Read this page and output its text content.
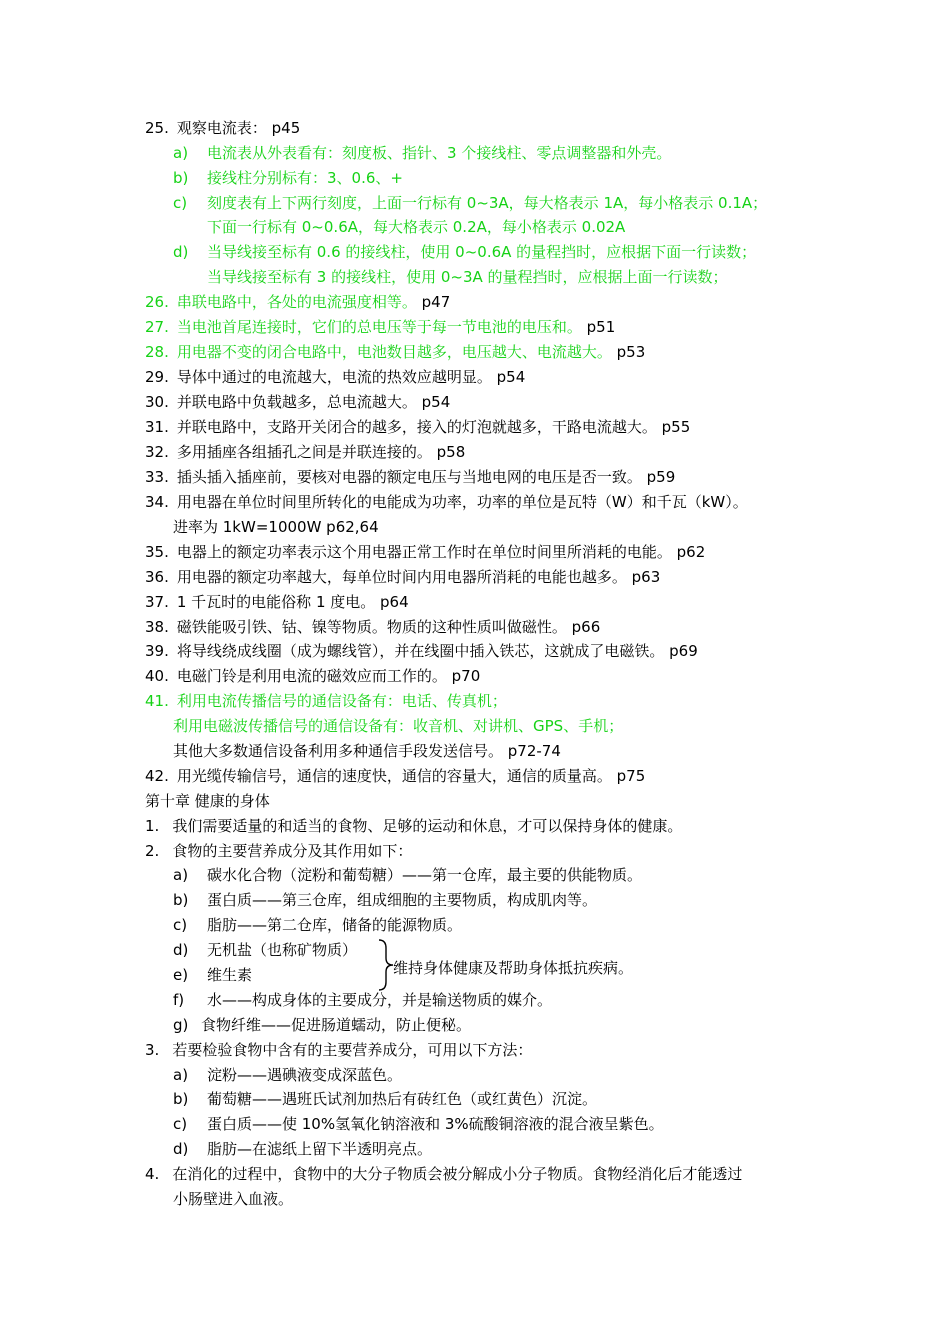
25. 观察电流表： p45
a) 电流表从外表看有：刻度板、指针、3 个接线柱、零点调整器和外壳。
b) 接线柱分别标有：3、0.6、+
c) 刻度表有上下两行刻度，上面一行标有 0~3A，每大格表示 1A，每小格表示 0.1A；
下面一行标有 0~0.6A，每大格表示 0.2A，每小格表示 0.02A
d) 当导线接至标有 0.6 的接线柱，使用 0~0.6A 的量程挡时，应根据下面一行读数；
当导线接至标有 3 的接线柱，使用 0~3A 的量程挡时，应根据上面一行读数；
26. 串联电路中，各处的电流强度相等。 p47
27. 当电池首尾连接时，它们的总电压等于每一节电池的电压和。 p51
28. 用电器不变的闭合电路中，电池数目越多，电压越大、电流越大。 p53
29. 导体中通过的电流越大，电流的热效应越明显。 p54
30. 并联电路中负载越多，总电流越大。 p54
31. 并联电路中，支路开关闭合的越多，接入的灯泡就越多，干路电流越大。 p55
32. 多用插座各组插孔之间是并联连接的。 p58
33. 插头插入插座前，要核对电器的额定电压与当地电网的电压是否一致。 p59
34. 用电器在单位时间里所转化的电能成为功率，功率的单位是瓦特（W）和千瓦（kW）。
进率为 1kW=1000W p62,64
35. 电器上的额定功率表示这个用电器正常工作时在单位时间里所消耗的电能。 p62
36. 用电器的额定功率越大，每单位时间内用电器所消耗的电能也越多。 p63
37. 1 千瓦时的电能俗称 1 度电。 p64
38. 磁铁能吸引铁、钴、镍等物质。物质的这种性质叫做磁性。 p66
39. 将导线绕成线圈（成为螺线管），并在线圈中插入铁芯，这就成了电磁铁。 p69
40. 电磁门铃是利用电流的磁效应而工作的。 p70
41. 利用电流传播信号的通信设备有：电话、传真机；
利用电磁波传播信号的通信设备有：收音机、对讲机、GPS、手机；
其他大多数通信设备利用多种通信手段发送信号。 p72-74
42. 用光缆传输信号，通信的速度快，通信的容量大，通信的质量高。 p75
第十章 健康的身体
1. 我们需要适量的和适当的食物、足够的运动和休息，才可以保持身体的健康。
2. 食物的主要营养成分及其作用如下：
a) 碳水化合物（淀粉和葡萄糖）——第一仓库，最主要的供能物质。
b) 蛋白质——第三仓库，组成细胞的主要物质，构成肌肉等。
c) 脂肪——第二仓库，储备的能源物质。
d) 无机盐（也称矿物质）
e) 维生素	维持身体健康及帮助身体抵抗疾病。
f) 水——构成身体的主要成分，并是输送物质的媒介。
g) 食物纤维——促进肠道蠕动，防止便秘。
3. 若要检验食物中含有的主要营养成分，可用以下方法：
a) 淀粉——遇碘液变成深蓝色。
b) 葡萄糖——遇班氏试剂加热后有砖红色（或红黄色）沉淀。
c) 蛋白质——使 10%氢氧化钠溶液和 3%硫酸铜溶液的混合液呈紫色。
d) 脂肪—在滤纸上留下半透明亮点。
4. 在消化的过程中，食物中的大分子物质会被分解成小分子物质。食物经消化后才能透过
小肠壁进入血液。
